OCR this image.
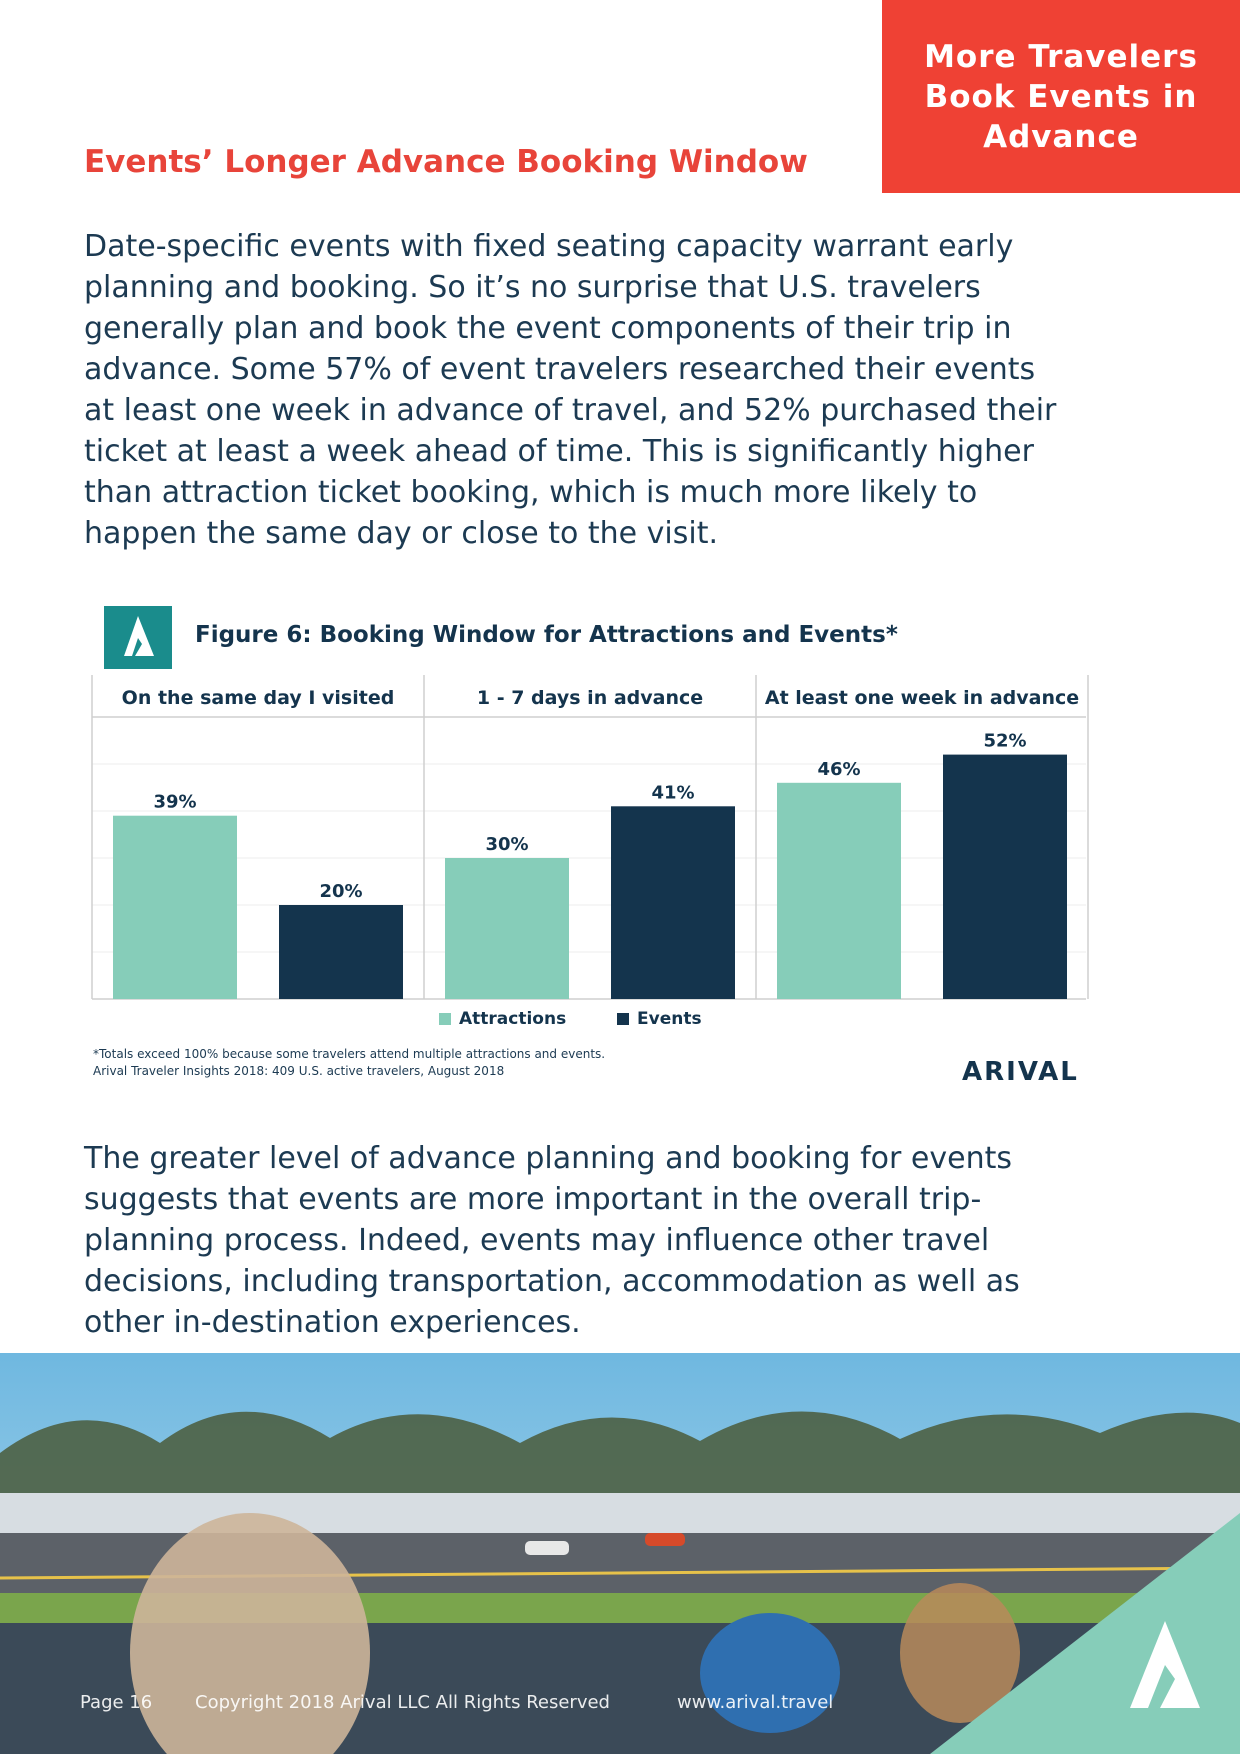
More Travelers
Book Events in
Advance
Events’ Longer Advance Booking Window

Date-specific events with fixed seating capacity warrant early
planning and booking. So it’s no surprise that U.S. travelers
generally plan and book the event components of their trip in
advance. Some 57% of event travelers researched their events
at least one week in advance of travel, and 52% purchased their
ticket at least a week ahead of time. This is significantly higher
than attraction ticket booking, which is much more likely to
happen the same day or close to the visit.

Figure 6: Booking Window for Attractions and Events*
On the same day I visited
39%
20%
1 - 7 days in advance
30%
41%
At least one week in advance
46%
52%
Attractions	Events

*Totals exceed 100% because some travelers attend multiple attractions and events.

Arival Traveler Insights 2018: 409 U.S. active travelers, August 2018	ARIVAL

The greater level of advance planning and booking for events
suggests that events are more important in the overall trip-
planning process. Indeed, events may influence other travel
decisions, including transportation, accommodation as well as
other in-destination experiences.

Page 16 Copyright 2018 Arival LLC All Rights Reserved	www.arival.travel
